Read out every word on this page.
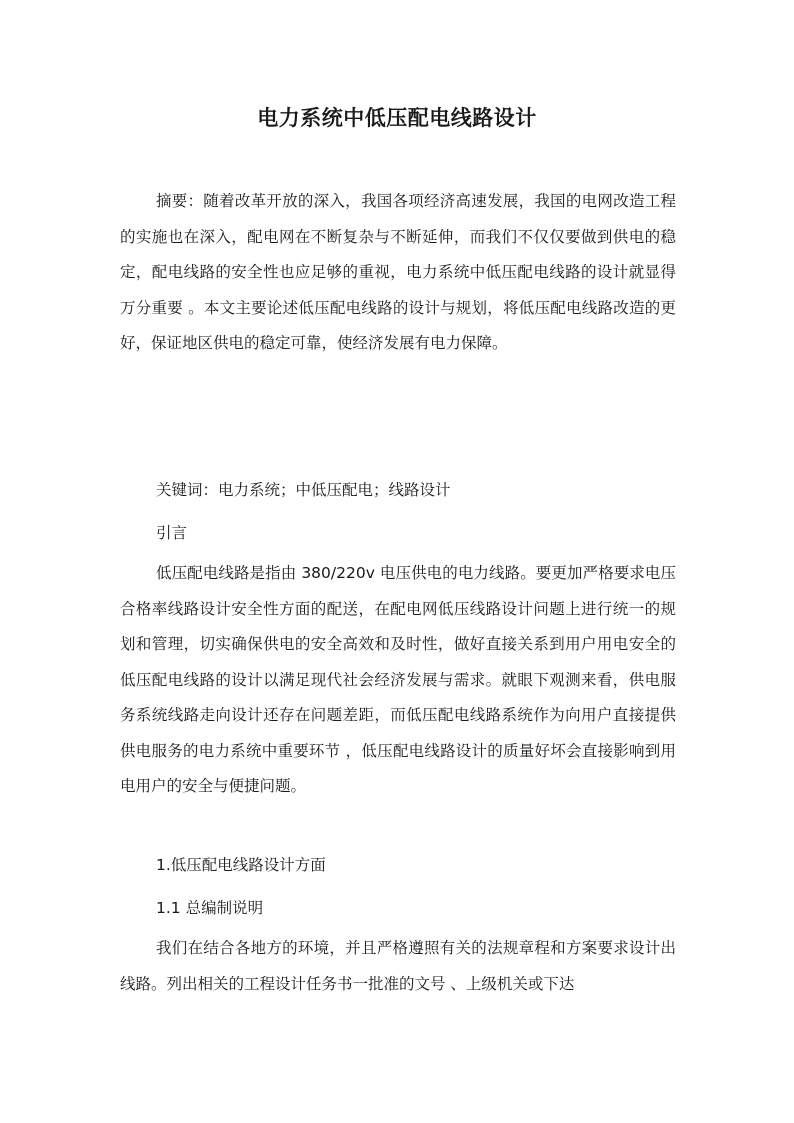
电力系统中低压配电线路设计

摘要：随着改革开放的深入，我国各项经济高速发展，我国的电网改造工程的实施也在深入，配电网在不断复杂与不断延伸，而我们不仅仅要做到供电的稳定，配电线路的安全性也应足够的重视，电力系统中低压配电线路的设计就显得万分重要 。本文主要论述低压配电线路的设计与规划，将低压配电线路改造的更好，保证地区供电的稳定可靠，使经济发展有电力保障。

关键词：电力系统；中低压配电；线路设计

引言

低压配电线路是指由 380/220v 电压供电的电力线路。要更加严格要求电压合格率线路设计安全性方面的配送，在配电网低压线路设计问题上进行统一的规划和管理，切实确保供电的安全高效和及时性，做好直接关系到用户用电安全的低压配电线路的设计以满足现代社会经济发展与需求。就眼下观测来看，供电服务系统线路走向设计还存在问题差距，而低压配电线路系统作为向用户直接提供供电服务的电力系统中重要环节 ，低压配电线路设计的质量好坏会直接影响到用电用户的安全与便捷问题。

1.低压配电线路设计方面

1.1 总编制说明

我们在结合各地方的环境，并且严格遵照有关的法规章程和方案要求设计出线路。列出相关的工程设计任务书一批准的文号 、上级机关或下达
